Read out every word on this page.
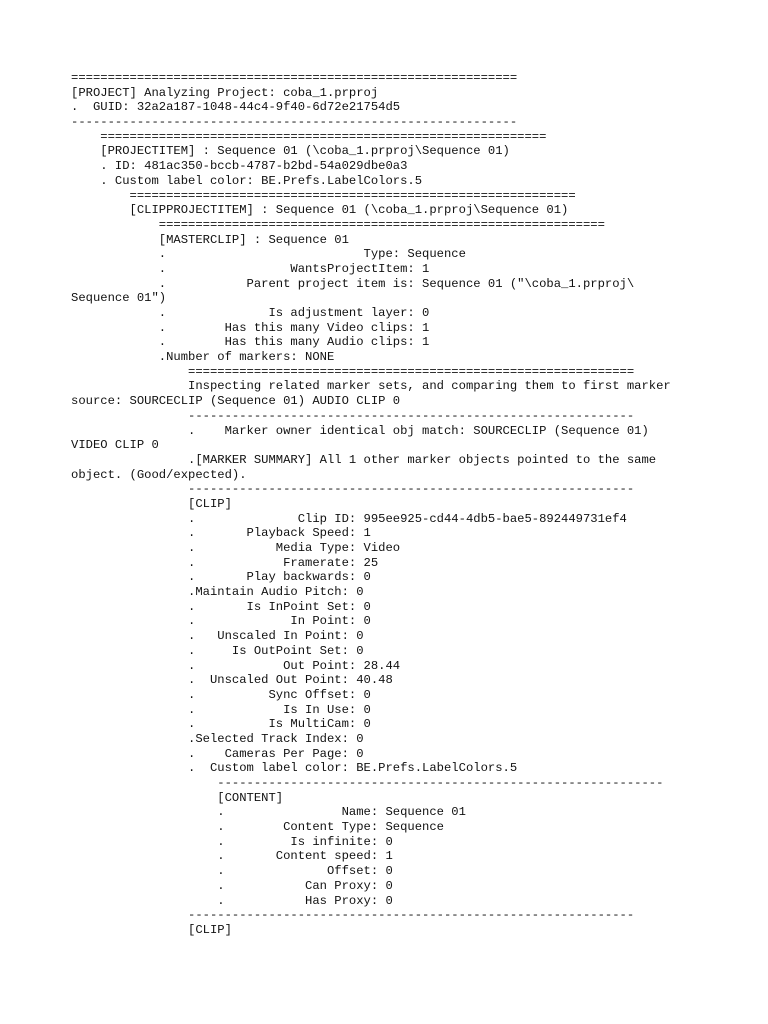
=============================================================
[PROJECT] Analyzing Project: coba_1.prproj
.  GUID: 32a2a187-1048-44c4-9f40-6d72e21754d5
-------------------------------------------------------------
=============================================================
[PROJECTITEM] : Sequence 01 (\coba_1.prproj\Sequence 01)
. ID: 481ac350-bccb-4787-b2bd-54a029dbe0a3
. Custom label color: BE.Prefs.LabelColors.5
=============================================================
[CLIPPROJECTITEM] : Sequence 01 (\coba_1.prproj\Sequence 01)
=============================================================
[MASTERCLIP] : Sequence 01
.                           Type: Sequence
.                 WantsProjectItem: 1
.           Parent project item is: Sequence 01 ("\coba_1.prproj\
Sequence 01")
.              Is adjustment layer: 0
.        Has this many Video clips: 1
.        Has this many Audio clips: 1
.Number of markers: NONE
=============================================================
Inspecting related marker sets, and comparing them to first marker
source: SOURCECLIP (Sequence 01) AUDIO CLIP 0
-------------------------------------------------------------
.    Marker owner identical obj match: SOURCECLIP (Sequence 01)
VIDEO CLIP 0
.[MARKER SUMMARY] All 1 other marker objects pointed to the same
object. (Good/expected).
-------------------------------------------------------------
[CLIP]
.              Clip ID: 995ee925-cd44-4db5-bae5-892449731ef4
.       Playback Speed: 1
.           Media Type: Video
.            Framerate: 25
.       Play backwards: 0
.Maintain Audio Pitch: 0
.       Is InPoint Set: 0
.             In Point: 0
.   Unscaled In Point: 0
.     Is OutPoint Set: 0
.            Out Point: 28.44
.  Unscaled Out Point: 40.48
.          Sync Offset: 0
.            Is In Use: 0
.          Is MultiCam: 0
.Selected Track Index: 0
.    Cameras Per Page: 0
.  Custom label color: BE.Prefs.LabelColors.5
-------------------------------------------------------------
[CONTENT]
.                Name: Sequence 01
.        Content Type: Sequence
.         Is infinite: 0
.       Content speed: 1
.              Offset: 0
.           Can Proxy: 0
.           Has Proxy: 0
-------------------------------------------------------------
[CLIP]
